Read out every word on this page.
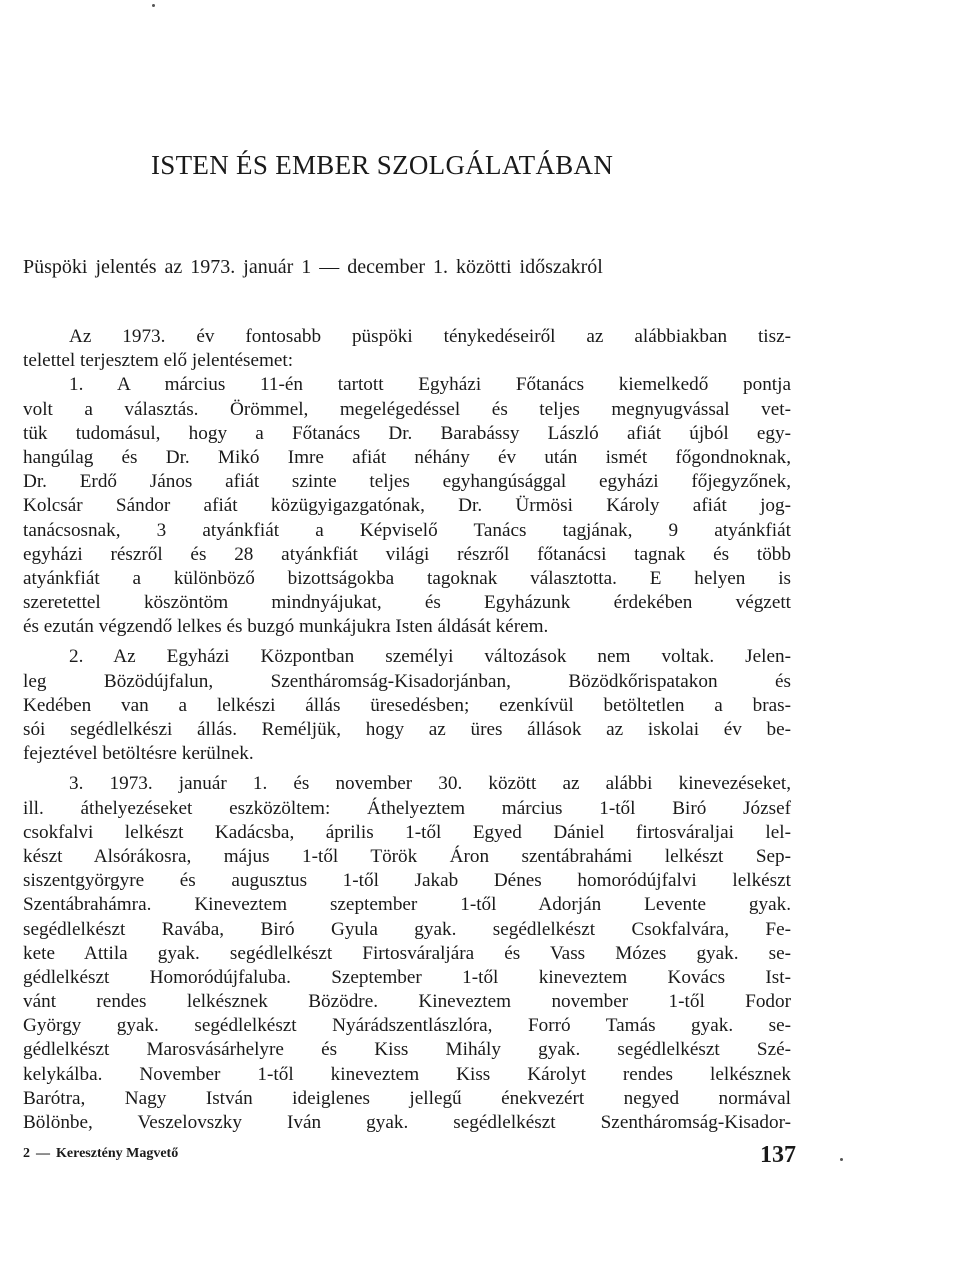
ISTEN ÉS EMBER SZOLGÁLATÁBAN

Püspöki jelentés az 1973. január 1 — december 1. közötti időszakról

Az 1973. év fontosabb püspöki ténykedéseiről az alábbiakban tisz-
telettel terjesztem elő jelentésemet:
1. A március 11-én tartott Egyházi Főtanács kiemelkedő pontja
volt a választás. Örömmel, megelégedéssel és teljes megnyugvással vet-
tük tudomásul, hogy a Főtanács Dr. Barabássy László afiát újból egy-
hangúlag és Dr. Mikó Imre afiát néhány év után ismét főgondnoknak,
Dr. Erdő János afiát szinte teljes egyhangúsággal egyházi főjegyzőnek,
Kolcsár Sándor afiát közügyigazgatónak, Dr. Ürmösi Károly afiát jog-
tanácsosnak, 3 atyánkfiát a Képviselő Tanács tagjának, 9 atyánkfiát
egyházi részről és 28 atyánkfiát világi részről főtanácsi tagnak és több
atyánkfiát a különböző bizottságokba tagoknak választotta. E helyen is
szeretettel köszöntöm mindnyájukat, és Egyházunk érdekében végzett
és ezután végzendő lelkes és buzgó munkájukra Isten áldását kérem.
2. Az Egyházi Központban személyi változások nem voltak. Jelen-
leg Bözödújfalun, Szentháromság-Kisadorjánban, Bözödkőrispatakon és
Kedében van a lelkészi állás üresedésben; ezenkívül betöltetlen a bras-
sói segédlelkészi állás. Reméljük, hogy az üres állások az iskolai év be-
fejeztével betöltésre kerülnek.
3. 1973. január 1. és november 30. között az alábbi kinevezéseket,
ill. áthelyezéseket eszközöltem: Áthelyeztem március 1-től Biró József
csokfalvi lelkészt Kadácsba, április 1-től Egyed Dániel firtosváraljai lel-
készt Alsórákosra, május 1-től Török Áron szentábrahámi lelkészt Sep-
siszentgyörgyre és augusztus 1-től Jakab Dénes homoródújfalvi lelkészt
Szentábrahámra. Kineveztem szeptember 1-től Adorján Levente gyak.
segédlelkészt Ravába, Biró Gyula gyak. segédlelkészt Csokfalvára, Fe-
kete Attila gyak. segédlelkészt Firtosváraljára és Vass Mózes gyak. se-
gédlelkészt Homoródújfaluba. Szeptember 1-től kineveztem Kovács Ist-
vánt rendes lelkésznek Bözödre. Kineveztem november 1-től Fodor
György gyak. segédlelkészt Nyárádszentlászlóra, Forró Tamás gyak. se-
gédlelkészt Marosvásárhelyre és Kiss Mihály gyak. segédlelkészt Szé-
kelykálba. November 1-től kineveztem Kiss Károlyt rendes lelkésznek
Barótra, Nagy István ideiglenes jellegű énekvezért negyed normával
Bölönbe, Veszelovszky Iván gyak. segédlelkészt Szentháromság-Kisador-
2 — Keresztény Magvető	137
